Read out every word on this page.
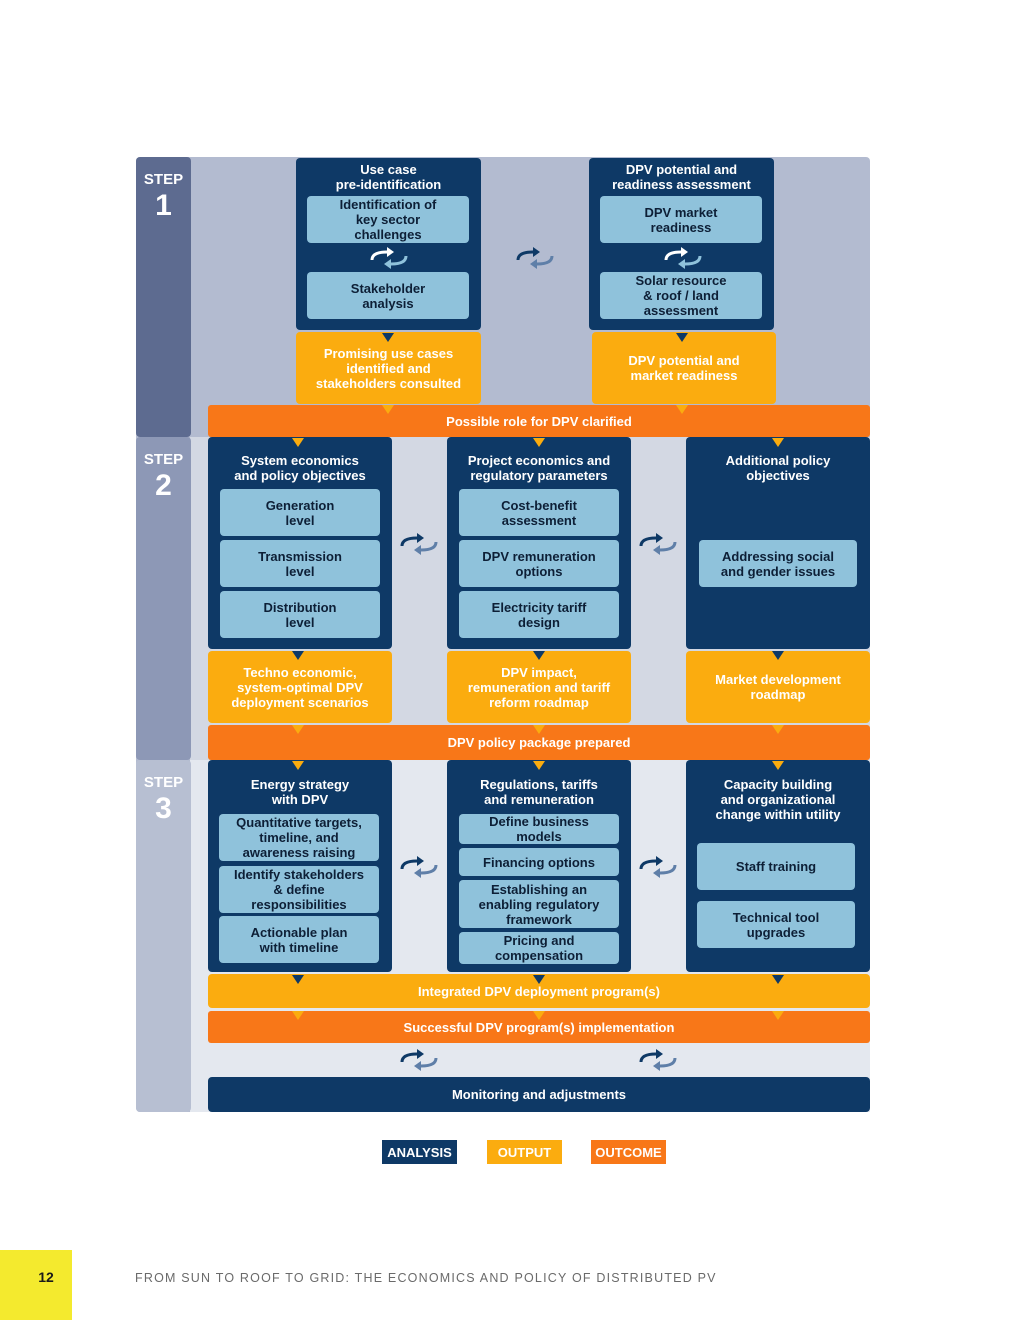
STEP
1
STEP
2
STEP
3
Use case
pre-identification
Identification of
key sector
challenges
Stakeholder
analysis
DPV potential and
readiness assessment
DPV market
readiness
Solar resource
& roof / land
assessment
Promising use cases
identified and
stakeholders consulted
DPV potential and
market readiness
Possible role for DPV clarified
System economics
and policy objectives
Generation
level
Transmission
level
Distribution
level
Project economics and
regulatory parameters
Cost-benefit
assessment
DPV remuneration
options
Electricity tariff
design
Additional policy
objectives
Addressing social
and gender issues
Techno economic,
system-optimal DPV
deployment scenarios
DPV impact,
remuneration and tariff
reform roadmap
Market development
roadmap
DPV policy package prepared
Energy strategy
with DPV
Quantitative targets,
timeline, and
awareness raising
Identify stakeholders
& define
responsibilities
Actionable plan
with timeline
Regulations, tariffs
and remuneration
Define business
models
Financing options
Establishing an
enabling regulatory
framework
Pricing and
compensation
Capacity building
and organizational
change within utility
Staff training
Technical tool
upgrades
Integrated DPV deployment program(s)
Successful DPV program(s) implementation
Monitoring and adjustments
ANALYSIS	OUTPUT	OUTCOME
12	FROM SUN TO ROOF TO GRID: THE ECONOMICS AND POLICY OF DISTRIBUTED PV
